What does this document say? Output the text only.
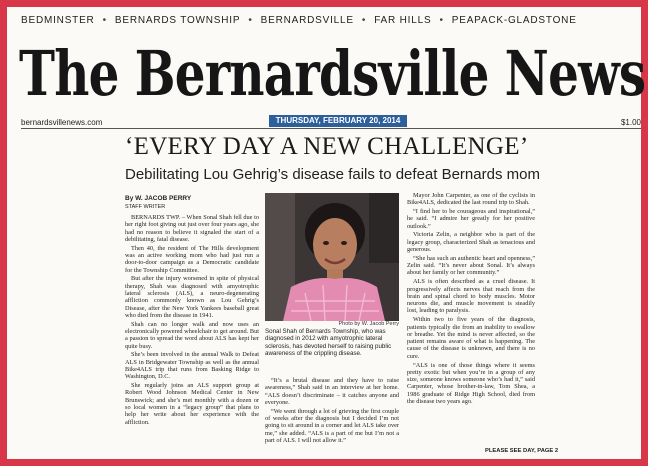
BEDMINSTER • BERNARDS TOWNSHIP • BERNARDSVILLE • FAR HILLS • PEAPACK-GLADSTONE
The Bernardsville News
bernardsvillenews.com	THURSDAY, FEBRUARY 20, 2014	$1.00
‘EVERY DAY A NEW CHALLENGE’
Debilitating Lou Gehrig’s disease fails to defeat Bernards mom

By W. JACOB PERRY

STAFF WRITER

BERNARDS TWP. – When Sonal Shah fell due to her right foot giving out just over four years ago, she had no reason to believe it signaled the start of a debilitating, fatal disease.

Then 40, the resident of The Hills development was an active working mom who had just run a door-to-door campaign as a Democratic candidate for the Township Committee.

But after the injury worsened in spite of physical therapy, Shah was diagnosed with amyotrophic lateral sclerosis (ALS), a neuro-degenerating affliction commonly known as Lou Gehrig’s Disease, after the New York Yankees baseball great who died from the disease in 1941.

Shah can no longer walk and now uses an electronically powered wheelchair to get around. But a passion to spread the word about ALS has kept her quite busy.

She’s been involved in the annual Walk to Defeat ALS in Bridgewater Township as well as the annual Bike4ALS trip that runs from Basking Ridge to Washington, D.C.

She regularly joins an ALS support group at Robert Wood Johnson Medical Center in New Brunswick; and she’s met monthly with a dozen or so local women in a “legacy group” that plans to help her write about her experience with the affliction.

Photo by W. Jacob Perry
Sonal Shah of Bernards Township, who was diagnosed in 2012 with amyotrophic lateral sclerosis, has devoted herself to raising public awareness of the crippling disease.

“It’s a brutal disease and they have to raise awareness,” Shah said in an interview at her home. “ALS doesn’t discriminate – it catches anyone and everyone.

“We went through a lot of grieving the first couple of weeks after the diagnosis but I decided I’m not going to sit around in a corner and let ALS take over me,” she added. “ALS is a part of me but I’m not a part of ALS. I will not allow it.”

Mayor John Carpenter, as one of the cyclists in Bike4ALS, dedicated the last round trip to Shah.

“I find her to be courageous and inspirational,” he said. “I admire her greatly for her positive outlook.”

Victoria Zelin, a neighbor who is part of the legacy group, characterized Shah as tenacious and generous.

“She has such an authentic heart and openness,” Zelin said. “It’s never about Sonal. It’s always about her family or her community.”

ALS is often described as a cruel disease. It progressively affects nerves that reach from the brain and spinal chord to body muscles. Motor neurons die, and muscle movement is steadily lost, leading to paralysis.

Within two to five years of the diagnosis, patients typically die from an inability to swallow or breathe. Yet the mind is never affected, so the patient remains aware of what is happening. The cause of the disease is unknown, and there is no cure.

“ALS is one of those things where it seems pretty exotic but when you’re in a group of any size, someone knows someone who’s had it,” said Carpenter, whose brother-in-law, Tom Shea, a 1986 graduate of Ridge High School, died from the disease two years ago.

PLEASE SEE DAY, PAGE 2
